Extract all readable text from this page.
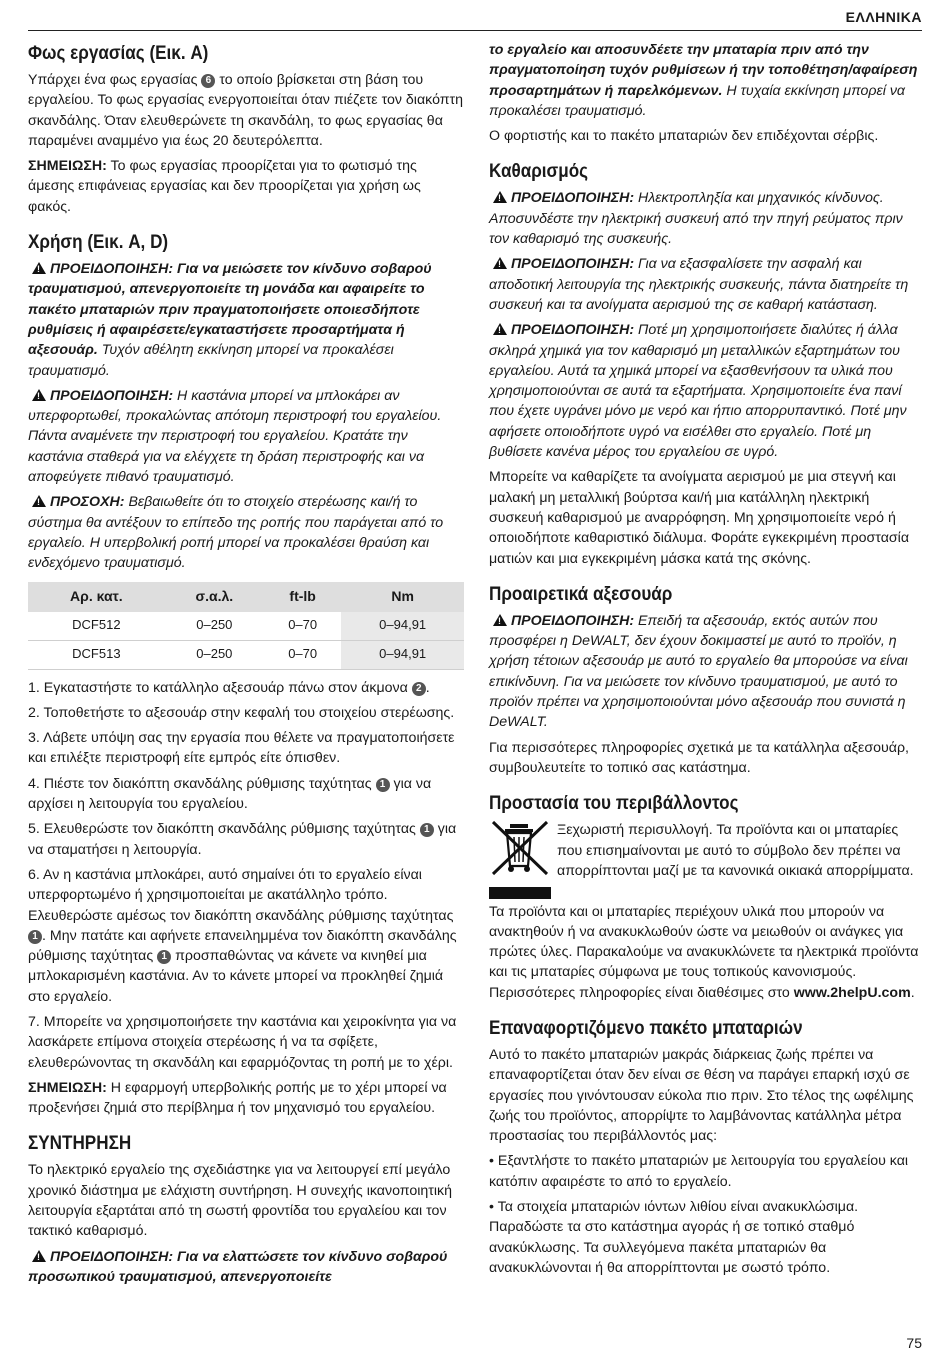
ΕΛΛΗΝΙΚΑ
Φως εργασίας (Εικ. A)

Υπάρχει ένα φως εργασίας 6 το οποίο βρίσκεται στη βάση του εργαλείου. Το φως εργασίας ενεργοποιείται όταν πιέζετε τον διακόπτη σκανδάλης. Όταν ελευθερώνετε τη σκανδάλη, το φως εργασίας θα παραμένει αναμμένο για έως 20 δευτερόλεπτα.

ΣΗΜΕΙΩΣΗ: Το φως εργασίας προορίζεται για το φωτισμό της άμεσης επιφάνειας εργασίας και δεν προορίζεται για χρήση ως φακός.

Χρήση (Εικ. A, D)

!ΠΡΟΕΙΔΟΠΟΙΗΣΗ: Για να μειώσετε τον κίνδυνο σοβαρού τραυματισμού, απενεργοποιείτε τη μονάδα και αφαιρείτε το πακέτο μπαταριών πριν πραγματοποιήσετε οποιεσδήποτε ρυθμίσεις ή αφαιρέσετε/εγκαταστήσετε προσαρτήματα ή αξεσουάρ. Τυχόν αθέλητη εκκίνηση μπορεί να προκαλέσει τραυματισμό.

!ΠΡΟΕΙΔΟΠΟΙΗΣΗ: Η καστάνια μπορεί να μπλοκάρει αν υπερφορτωθεί, προκαλώντας απότομη περιστροφή του εργαλείου. Πάντα αναμένετε την περιστροφή του εργαλείου. Κρατάτε την καστάνια σταθερά για να ελέγχετε τη δράση περιστροφής και να αποφεύγετε πιθανό τραυματισμό.

!ΠΡΟΣΟΧΗ: Βεβαιωθείτε ότι το στοιχείο στερέωσης και/ή το σύστημα θα αντέξουν το επίπεδο της ροπής που παράγεται από το εργαλείο. Η υπερβολική ροπή μπορεί να προκαλέσει θραύση και ενδεχόμενο τραυματισμό.

Αρ. κατ.	σ.α.λ.	ft-lb	Nm
DCF512	0–250	0–70	0–94,91
DCF513	0–250	0–70	0–94,91
1. Εγκαταστήστε το κατάλληλο αξεσουάρ πάνω στον άκμονα 2 .
2. Τοποθετήστε το αξεσουάρ στην κεφαλή του στοιχείου στερέωσης.
3. Λάβετε υπόψη σας την εργασία που θέλετε να πραγματοποιήσετε και επιλέξτε περιστροφή είτε εμπρός είτε όπισθεν.
4. Πιέστε τον διακόπτη σκανδάλης ρύθμισης ταχύτητας 1 για να αρχίσει η λειτουργία του εργαλείου.
5. Ελευθερώστε τον διακόπτη σκανδάλης ρύθμισης ταχύτητας 1 για να σταματήσει η λειτουργία.
6. Αν η καστάνια μπλοκάρει, αυτό σημαίνει ότι το εργαλείο είναι υπερφορτωμένο ή χρησιμοποιείται με ακατάλληλο τρόπο. Ελευθερώστε αμέσως τον διακόπτη σκανδάλης ρύθμισης ταχύτητας 1 . Μην πατάτε και αφήνετε επανειλημμένα τον διακόπτη σκανδάλης ρύθμισης ταχύτητας 1 προσπαθώντας να κάνετε να κινηθεί μια μπλοκαρισμένη καστάνια. Αν το κάνετε μπορεί να προκληθεί ζημιά στο εργαλείο.
7. Μπορείτε να χρησιμοποιήσετε την καστάνια και χειροκίνητα για να λασκάρετε επίμονα στοιχεία στερέωσης ή να τα σφίξετε, ελευθερώνοντας τη σκανδάλη και εφαρμόζοντας τη ροπή με το χέρι.

ΣΗΜΕΙΩΣΗ: Η εφαρμογή υπερβολικής ροπής με το χέρι μπορεί να προξενήσει ζημιά στο περίβλημα ή τον μηχανισμό του εργαλείου.

ΣΥΝΤΗΡΗΣΗ

Το ηλεκτρικό εργαλείο της σχεδιάστηκε για να λειτουργεί επί μεγάλο χρονικό διάστημα με ελάχιστη συντήρηση. Η συνεχής ικανοποιητική λειτουργία εξαρτάται από τη σωστή φροντίδα του εργαλείου και τον τακτικό καθαρισμό.

!ΠΡΟΕΙΔΟΠΟΙΗΣΗ: Για να ελαττώσετε τον κίνδυνο σοβαρού προσωπικού τραυματισμού, απενεργοποιείτε

το εργαλείο και αποσυνδέετε την μπαταρία πριν από την πραγματοποίηση τυχόν ρυθμίσεων ή την τοποθέτηση/αφαίρεση προσαρτημάτων ή παρελκόμενων. Η τυχαία εκκίνηση μπορεί να προκαλέσει τραυματισμό.

Ο φορτιστής και το πακέτο μπαταριών δεν επιδέχονται σέρβις.

Καθαρισμός

!ΠΡΟΕΙΔΟΠΟΙΗΣΗ: Ηλεκτροπληξία και μηχανικός κίνδυνος. Αποσυνδέστε την ηλεκτρική συσκευή από την πηγή ρεύματος πριν τον καθαρισμό της συσκευής.

!ΠΡΟΕΙΔΟΠΟΙΗΣΗ: Για να εξασφαλίσετε την ασφαλή και αποδοτική λειτουργία της ηλεκτρικής συσκευής, πάντα διατηρείτε τη συσκευή και τα ανοίγματα αερισμού της σε καθαρή κατάσταση.

!ΠΡΟΕΙΔΟΠΟΙΗΣΗ: Ποτέ μη χρησιμοποιήσετε διαλύτες ή άλλα σκληρά χημικά για τον καθαρισμό μη μεταλλικών εξαρτημάτων του εργαλείου. Αυτά τα χημικά μπορεί να εξασθενήσουν τα υλικά που χρησιμοποιούνται σε αυτά τα εξαρτήματα. Χρησιμοποιείτε ένα πανί που έχετε υγράνει μόνο με νερό και ήπιο απορρυπαντικό. Ποτέ μην αφήσετε οποιοδήποτε υγρό να εισέλθει στο εργαλείο. Ποτέ μη βυθίσετε κανένα μέρος του εργαλείου σε υγρό.

Μπορείτε να καθαρίζετε τα ανοίγματα αερισμού με μια στεγνή και μαλακή μη μεταλλική βούρτσα και/ή μια κατάλληλη ηλεκτρική συσκευή καθαρισμού με αναρρόφηση. Μη χρησιμοποιείτε νερό ή οποιοδήποτε καθαριστικό διάλυμα. Φοράτε εγκεκριμένη προστασία ματιών και μια εγκεκριμένη μάσκα κατά της σκόνης.

Προαιρετικά αξεσουάρ

!ΠΡΟΕΙΔΟΠΟΙΗΣΗ: Επειδή τα αξεσουάρ, εκτός αυτών που προσφέρει η DeWALT, δεν έχουν δοκιμαστεί με αυτό το προϊόν, η χρήση τέτοιων αξεσουάρ με αυτό το εργαλείο θα μπορούσε να είναι επικίνδυνη. Για να μειώσετε τον κίνδυνο τραυματισμού, με αυτό το προϊόν πρέπει να χρησιμοποιούνται μόνο αξεσουάρ που συνιστά η DeWALT.

Για περισσότερες πληροφορίες σχετικά με τα κατάλληλα αξεσουάρ, συμβουλευτείτε το τοπικό σας κατάστημα.

Προστασία του περιβάλλοντος
Ξεχωριστή περισυλλογή. Τα προϊόντα και οι μπαταρίες που επισημαίνονται με αυτό το σύμβολο δεν πρέπει να απορρίπτονται μαζί με τα κανονικά οικιακά απορρίμματα.

Τα προϊόντα και οι μπαταρίες περιέχουν υλικά που μπορούν να ανακτηθούν ή να ανακυκλωθούν ώστε να μειωθούν οι ανάγκες για πρώτες ύλες. Παρακαλούμε να ανακυκλώνετε τα ηλεκτρικά προϊόντα και τις μπαταρίες σύμφωνα με τους τοπικούς κανονισμούς. Περισσότερες πληροφορίες είναι διαθέσιμες στο www.2helpU.com.

Επαναφορτιζόμενο πακέτο μπαταριών

Αυτό το πακέτο μπαταριών μακράς διάρκειας ζωής πρέπει να επαναφορτίζεται όταν δεν είναι σε θέση να παράγει επαρκή ισχύ σε εργασίες που γινόντουσαν εύκολα πιο πριν. Στο τέλος της ωφέλιμης ζωής του προϊόντος, απορρίψτε το λαμβάνοντας κατάλληλα μέτρα προστασίας του περιβάλλοντός μας:

• Εξαντλήστε το πακέτο μπαταριών με λειτουργία του εργαλείου και κατόπιν αφαιρέστε το από το εργαλείο.
• Τα στοιχεία μπαταριών ιόντων λιθίου είναι ανακυκλώσιμα. Παραδώστε τα στο κατάστημα αγοράς ή σε τοπικό σταθμό ανακύκλωσης. Τα συλλεγόμενα πακέτα μπαταριών θα ανακυκλώνονται ή θα απορρίπτονται με σωστό τρόπο.
75
